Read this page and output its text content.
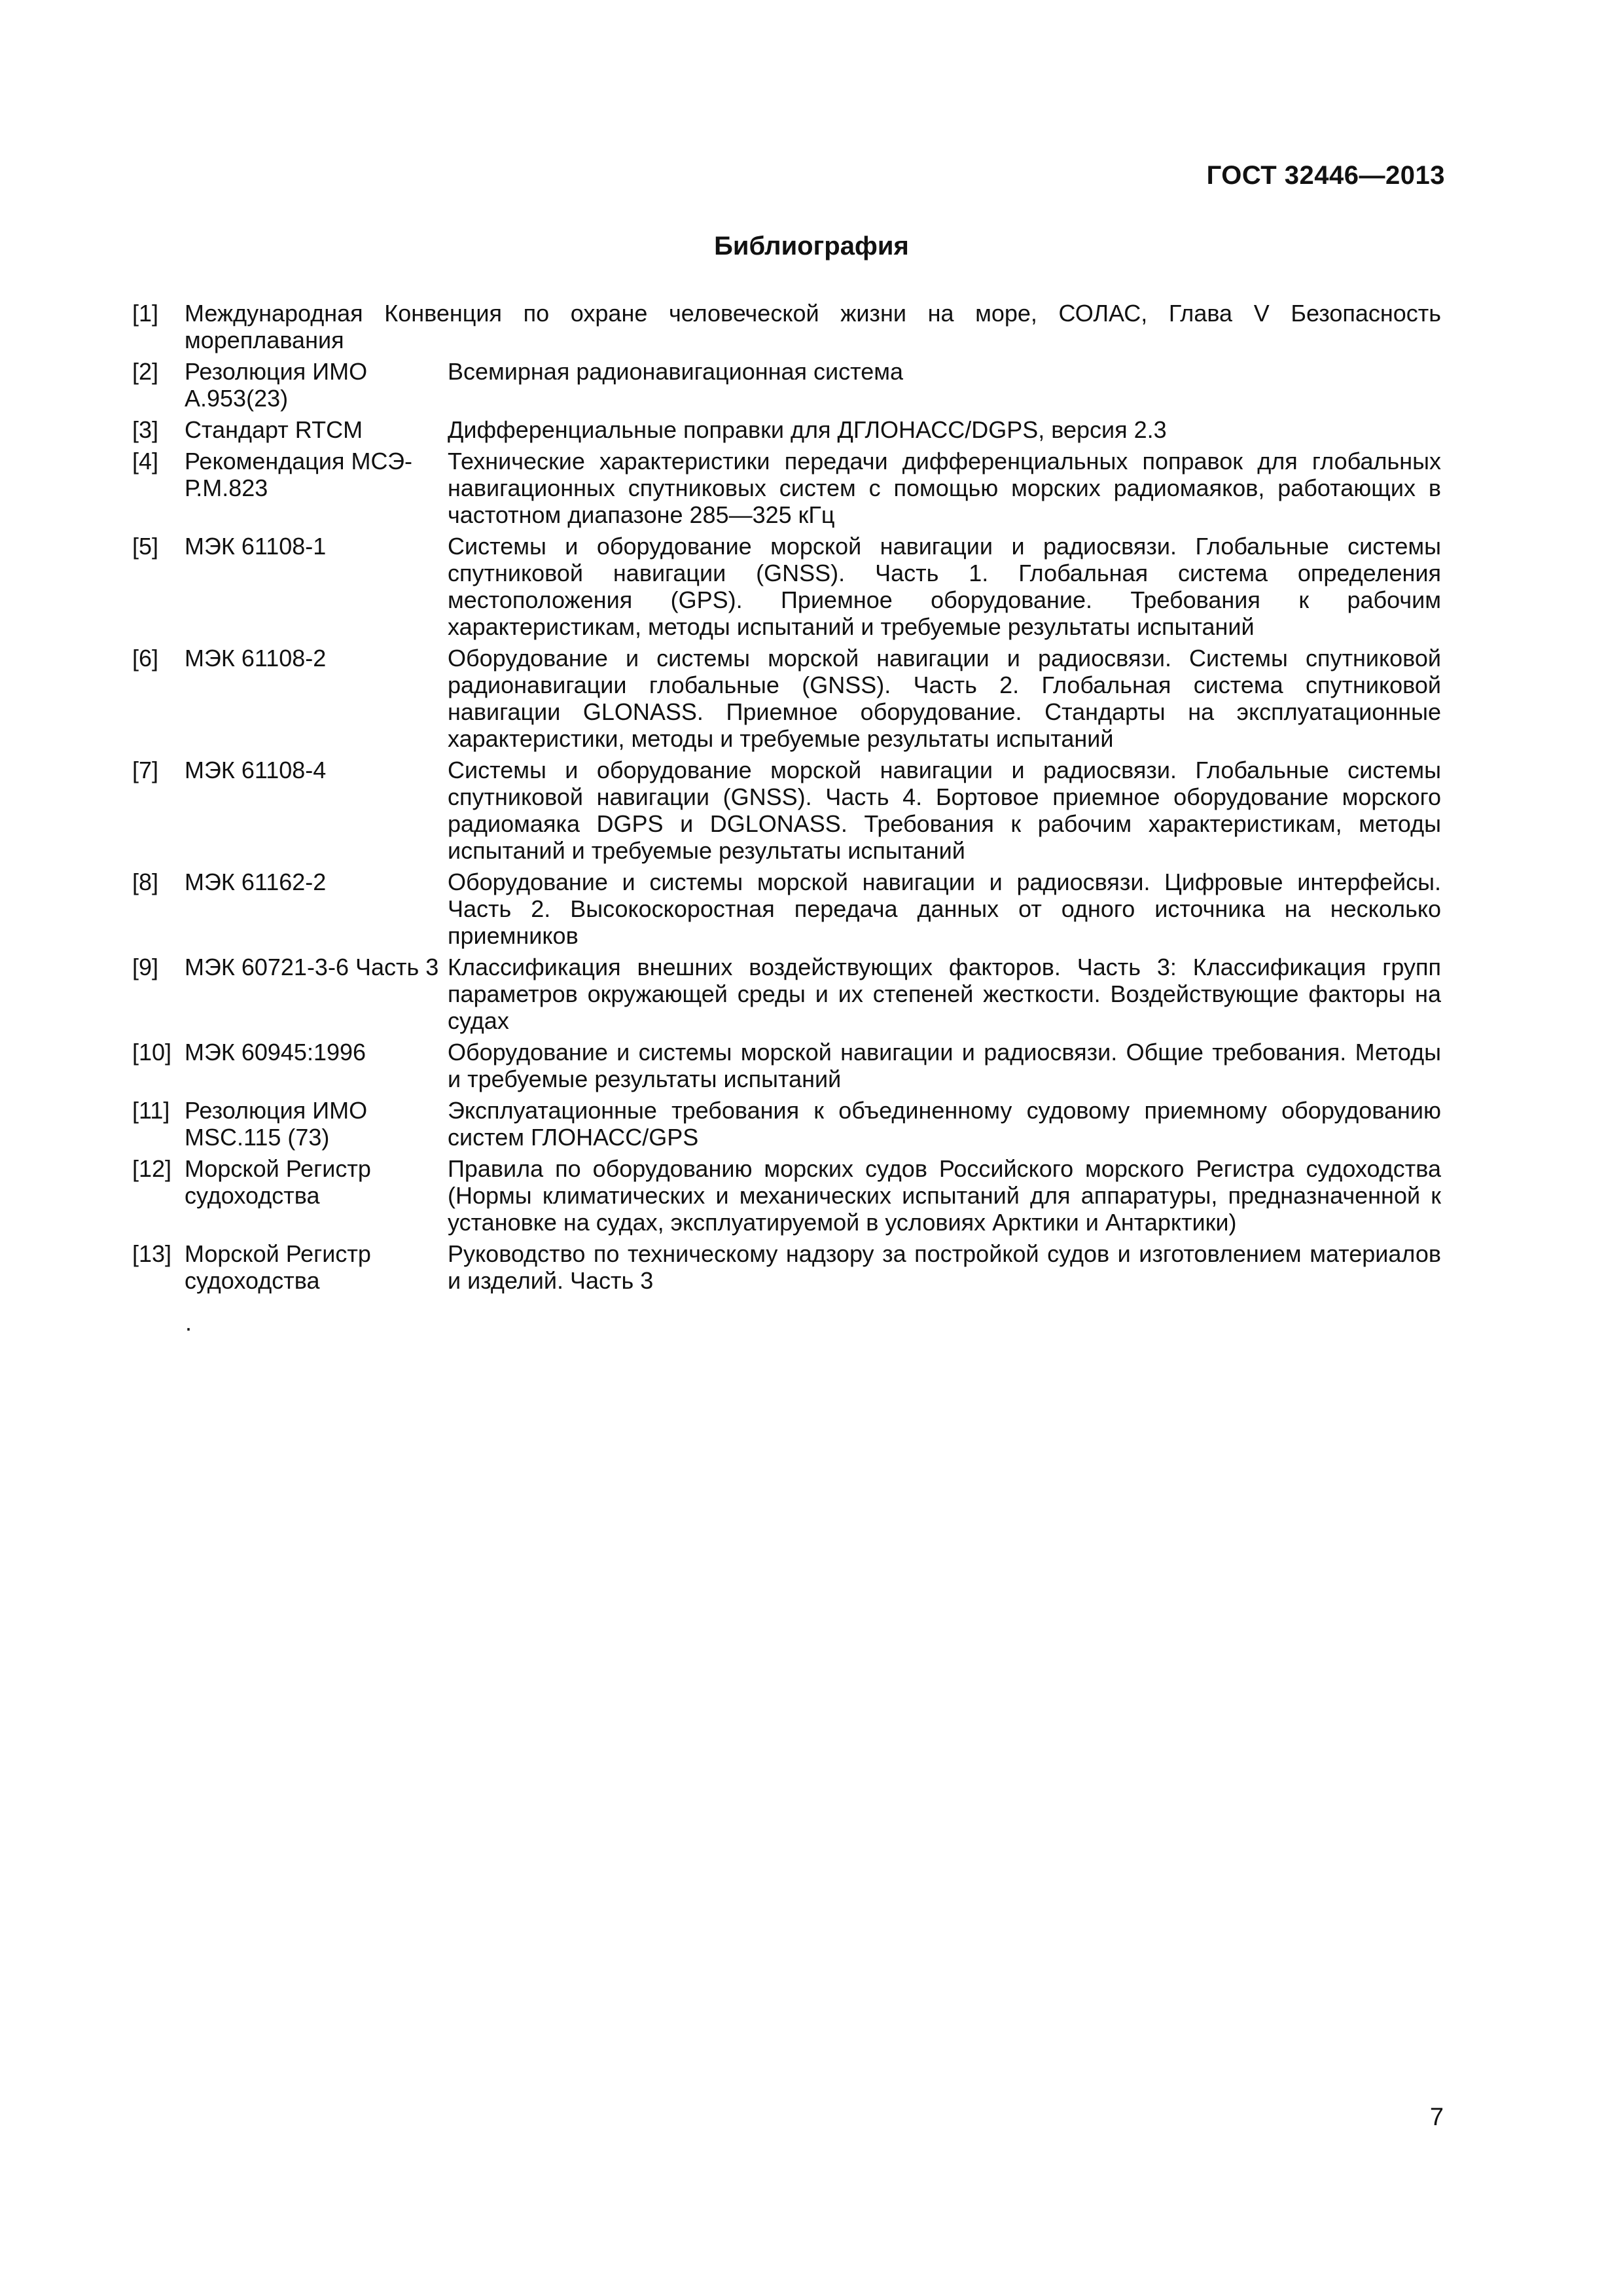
ГОСТ 32446—2013
Библиография
[1]	Международная Конвенция по охране человеческой жизни на море, СОЛАС, Глава V Безопасность мореплавания	
[2]	Резолюция ИМО А.953(23)	Всемирная радионавигационная система
[3]	Стандарт RTCM	Дифференциальные поправки для ДГЛОНАСС/DGPS, версия 2.3
[4]	Рекомендация МСЭ-Р.М.823	Технические характеристики передачи дифференциальных поправок для глобальных навигационных спутниковых систем с помощью морских радиомаяков, работающих в частотном диапазоне 285—325 кГц
[5]	МЭК 61108-1	Системы и оборудование морской навигации и радиосвязи. Глобальные системы спутниковой навигации (GNSS). Часть 1. Глобальная система определения местоположения (GPS). Приемное оборудование. Требования к рабочим характеристикам, методы испытаний и требуемые результаты испытаний
[6]	МЭК 61108-2	Оборудование и системы морской навигации и радиосвязи. Системы спутниковой радионавигации глобальные (GNSS). Часть 2. Глобальная система спутниковой навигации GLONASS. Приемное оборудование. Стандарты на эксплуатационные характеристики, методы и требуемые результаты испытаний
[7]	МЭК 61108-4	Системы и оборудование морской навигации и радиосвязи. Глобальные системы спутниковой навигации (GNSS). Часть 4. Бортовое приемное оборудование морского радиомаяка DGPS и DGLONASS. Требования к рабочим характеристикам, методы испытаний и требуемые результаты испытаний
[8]	МЭК 61162-2	Оборудование и системы морской навигации и радиосвязи. Цифровые интерфейсы. Часть 2. Высокоскоростная передача данных от одного источника на несколько приемников
[9]	МЭК 60721-3-6 Часть 3	Классификация внешних воздействующих факторов. Часть 3: Классификация групп параметров окружающей среды и их степеней жесткости. Воздействующие факторы на судах
[10]	МЭК 60945:1996	Оборудование и системы морской навигации и радиосвязи. Общие требования. Методы и требуемые результаты испытаний
[11]	Резолюция ИМО MSC.115 (73)	Эксплуатационные требования к объединенному судовому приемному оборудованию систем ГЛОНАСС/GPS
[12]	Морской Регистр судоходства	Правила по оборудованию морских судов Российского морского Регистра судоходства (Нормы климатических и механических испытаний для аппаратуры, предназначенной к установке на судах, эксплуатируемой в условиях Арктики и Антарктики)
[13]	Морской Регистр судоходства	Руководство по техническому надзору за постройкой судов и изготовлением материалов и изделий. Часть 3
.
7
